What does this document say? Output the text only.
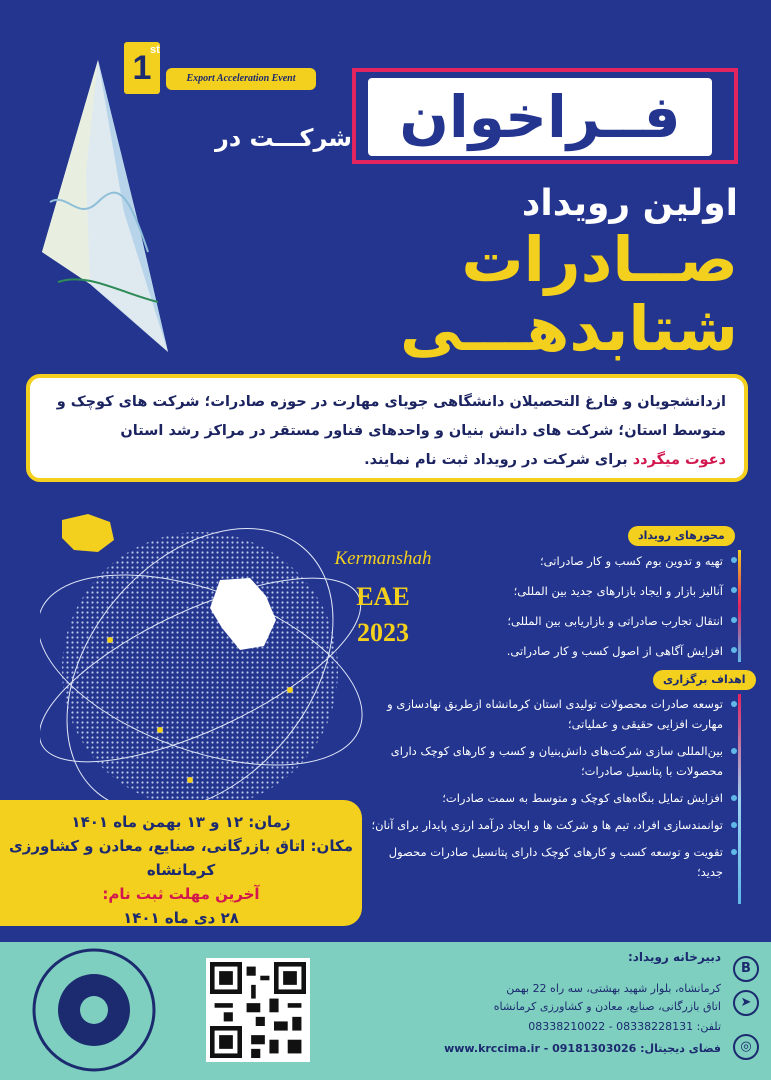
1
st
Export Acceleration Event
فــراخوان
شرکـــت در
اولین رویداد
صــادرات
شتابدهـــی
ازدانشجویان و فارغ التحصیلان دانشگاهی جویای مهارت در حوزه صادرات؛ شرکت های کوچک و
متوسط استان؛ شرکت های دانش بنیان و واحدهای فناور مستقر در مراکز رشد استان
دعوت میگردد برای شرکت در رویداد ثبت نام نمایند.
Kermanshah
EAE
2023
محورهای رویداد
تهیه و تدوین بوم کسب و کار صادراتی؛
آنالیز بازار و ایجاد بازارهای جدید بین المللی؛
انتقال تجارب صادراتی و بازاریابی بین المللی؛
افزایش آگاهی از اصول کسب و کار صادراتی.
اهداف برگزاری
توسعه صادرات محصولات تولیدی استان کرمانشاه ازطریق نهادسازی و مهارت افزایی حقیقی و عملیاتی؛
بین‌المللی سازی شرکت‌های دانش‌بنیان و کسب و کارهای کوچک دارای محصولات با پتانسیل صادرات؛
افزایش تمایل بنگاه‌های کوچک و متوسط به سمت صادرات؛
توانمندسازی افراد، تیم ها و شرکت ها و ایجاد درآمد ارزی پایدار برای آنان؛
تقویت و توسعه کسب و کارهای کوچک دارای پتانسیل صادرات محصول جدید؛
زمان: ۱۲ و ۱۳ بهمن ماه ۱۴۰۱
مکان: اتاق بازرگانی، صنایع، معادن و کشاورزی کرمانشاه
آخرین مهلت ثبت نام:
۲۸ دی ماه ۱۴۰۱
دبیرخانه رویداد:
B
➤
◎
کرمانشاه، بلوار شهید بهشتی، سه راه 22 بهمن
اتاق بازرگانی، صنایع، معادن و کشاورزی کرمانشاه
تلفن: 08338228131 - 08338210022
فضای دیجیتال: 09181303026 - www.krccima.ir
